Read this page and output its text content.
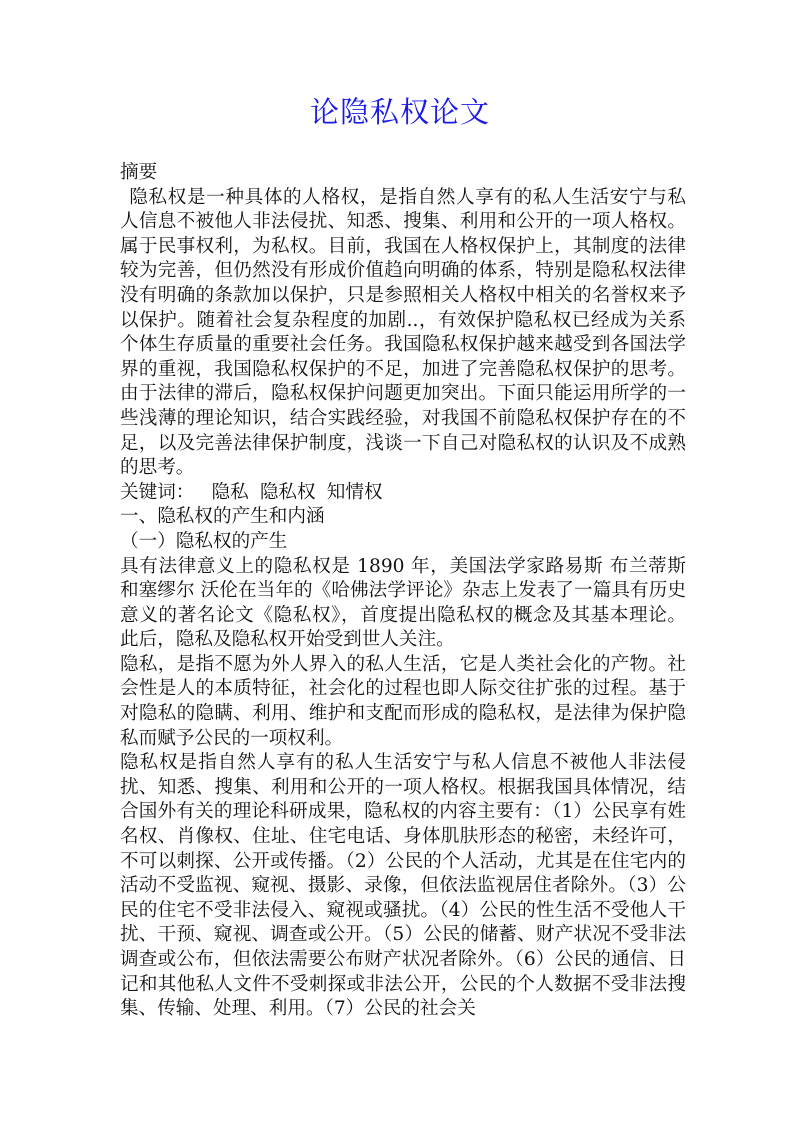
论隐私权论文

摘要

隐私权是一种具体的人格权，是指自然人享有的私人生活安宁与私人信息不被他人非法侵扰、知悉、搜集、利用和公开的一项人格权。属于民事权利，为私权。目前，我国在人格权保护上，其制度的法律较为完善，但仍然没有形成价值趋向明确的体系，特别是隐私权法律没有明确的条款加以保护，只是参照相关人格权中相关的名誉权来予以保护。随着社会复杂程度的加剧..，有效保护隐私权已经成为关系个体生存质量的重要社会任务。我国隐私权保护越来越受到各国法学界的重视，我国隐私权保护的不足，加进了完善隐私权保护的思考。由于法律的滞后，隐私权保护问题更加突出。下面只能运用所学的一些浅薄的理论知识，结合实践经验，对我国不前隐私权保护存在的不足，以及完善法律保护制度，浅谈一下自己对隐私权的认识及不成熟的思考。

关键词： 隐私 隐私权 知情权

一、隐私权的产生和内涵

（一）隐私权的产生

具有法律意义上的隐私权是 1890 年，美国法学家路易斯 布兰蒂斯和塞缪尔 沃伦在当年的《哈佛法学评论》杂志上发表了一篇具有历史意义的著名论文《隐私权》，首度提出隐私权的概念及其基本理论。此后，隐私及隐私权开始受到世人关注。

隐私，是指不愿为外人界入的私人生活，它是人类社会化的产物。社会性是人的本质特征，社会化的过程也即人际交往扩张的过程。基于对隐私的隐瞒、利用、维护和支配而形成的隐私权，是法律为保护隐私而赋予公民的一项权利。

隐私权是指自然人享有的私人生活安宁与私人信息不被他人非法侵扰、知悉、搜集、利用和公开的一项人格权。根据我国具体情况，结合国外有关的理论科研成果，隐私权的内容主要有：（1）公民享有姓名权、肖像权、住址、住宅电话、身体肌肤形态的秘密，未经许可，不可以刺探、公开或传播。（2）公民的个人活动，尤其是在住宅内的活动不受监视、窥视、摄影、录像，但依法监视居住者除外。（3）公民的住宅不受非法侵入、窥视或骚扰。（4）公民的性生活不受他人干扰、干预、窥视、调查或公开。（5）公民的储蓄、财产状况不受非法调查或公布，但依法需要公布财产状况者除外。（6）公民的通信、日记和其他私人文件不受刺探或非法公开，公民的个人数据不受非法搜集、传输、处理、利用。（7）公民的社会关
